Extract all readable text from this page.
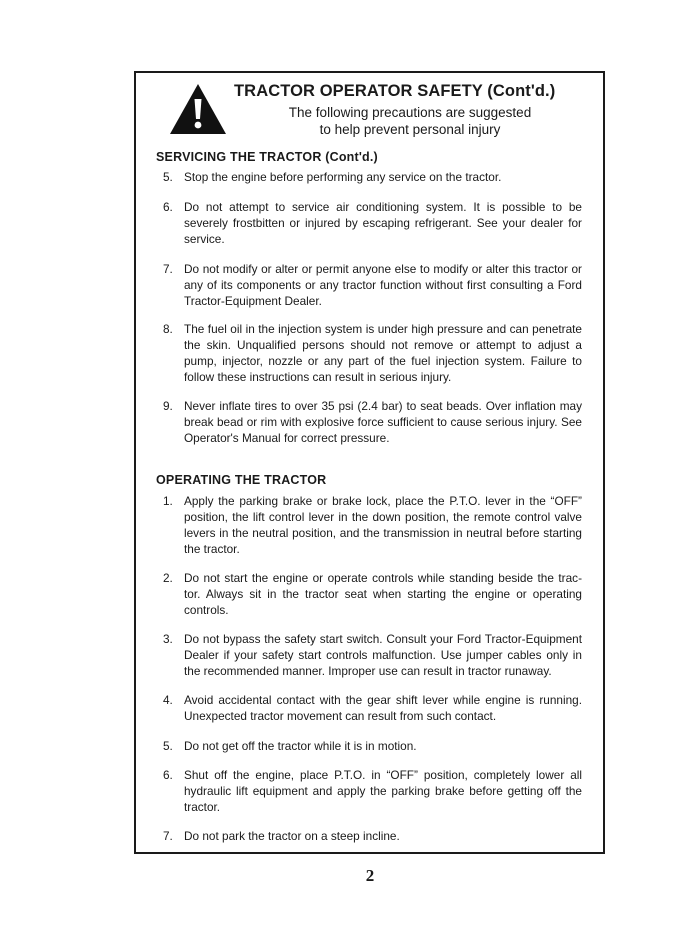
TRACTOR OPERATOR SAFETY (Cont'd.)
The following precautions are suggested
to help prevent personal injury
SERVICING THE TRACTOR (Cont'd.)
5. Stop the engine before performing any service on the tractor.
6. Do not attempt to service air conditioning system. It is possible to be severely frostbitten or injured by escaping refrigerant. See your dealer for service.
7. Do not modify or alter or permit anyone else to modify or alter this tractor or any of its components or any tractor function without first consulting a Ford Tractor-Equipment Dealer.
8. The fuel oil in the injection system is under high pressure and can penetrate the skin. Unqualified persons should not remove or attempt to adjust a pump, injector, nozzle or any part of the fuel injection system. Failure to follow these instructions can result in serious injury.
9. Never inflate tires to over 35 psi (2.4 bar) to seat beads. Over inflation may break bead or rim with explosive force sufficient to cause serious injury. See Operator's Manual for correct pressure.
OPERATING THE TRACTOR
1. Apply the parking brake or brake lock, place the P.T.O. lever in the “OFF” position, the lift control lever in the down position, the remote control valve levers in the neutral position, and the transmission in neutral before starting the tractor.
2. Do not start the engine or operate controls while standing beside the trac-tor. Always sit in the tractor seat when starting the engine or operating controls.
3. Do not bypass the safety start switch. Consult your Ford Tractor-Equipment Dealer if your safety start controls malfunction. Use jumper cables only in the recommended manner. Improper use can result in tractor runaway.
4. Avoid accidental contact with the gear shift lever while engine is running. Unexpected tractor movement can result from such contact.
5. Do not get off the tractor while it is in motion.
6. Shut off the engine, place P.T.O. in “OFF” position, completely lower all hydraulic lift equipment and apply the parking brake before getting off the tractor.
7. Do not park the tractor on a steep incline.
2
